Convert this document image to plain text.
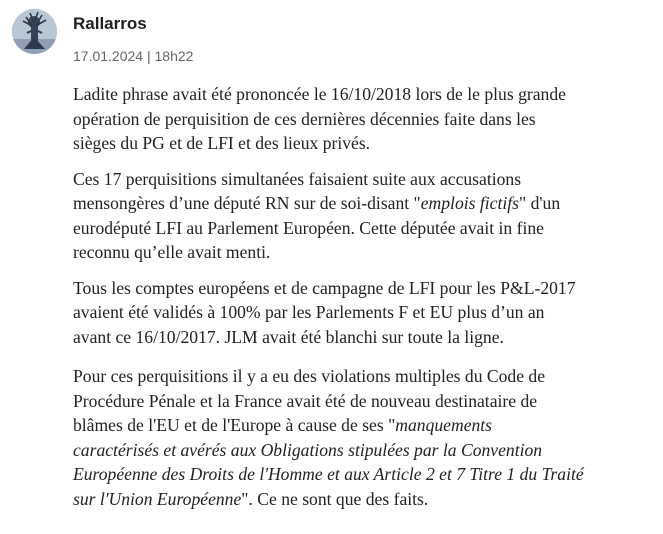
Rallarros
17.01.2024 | 18h22

Ladite phrase avait été prononcée le 16/10/2018 lors de le plus grande
opération de perquisition de ces dernières décennies faite dans les
sièges du PG et de LFI et des lieux privés.

Ces 17 perquisitions simultanées faisaient suite aux accusations
mensongères d’une député RN sur de soi-disant "emplois fictifs" d'un
eurodéputé LFI au Parlement Européen. Cette députée avait in fine
reconnu qu’elle avait menti.

Tous les comptes européens et de campagne de LFI pour les P&L-2017
avaient été validés à 100% par les Parlements F et EU plus d’un an
avant ce 16/10/2017. JLM avait été blanchi sur toute la ligne.

Pour ces perquisitions il y a eu des violations multiples du Code de
Procédure Pénale et la France avait été de nouveau destinataire de
blâmes de l'EU et de l'Europe à cause de ses "manquements
caractérisés et avérés aux Obligations stipulées par la Convention
Européenne des Droits de l'Homme et aux Article 2 et 7 Titre 1 du Traité
sur l'Union Européenne". Ce ne sont que des faits.
